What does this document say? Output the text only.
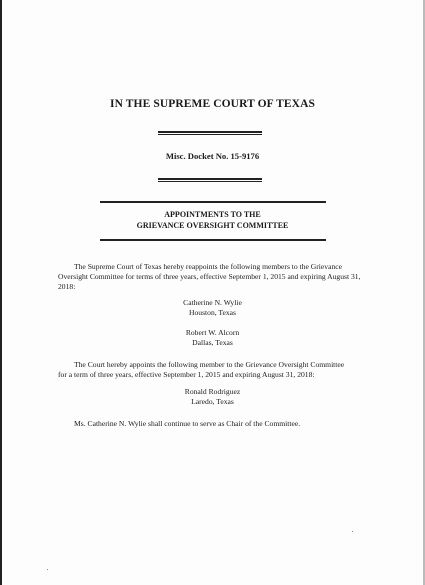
IN THE SUPREME COURT OF TEXAS
Misc. Docket No. 15-9176
APPOINTMENTS TO THE
GRIEVANCE OVERSIGHT COMMITTEE
The Supreme Court of Texas hereby reappoints the following members to the Grievance
Oversight Committee for terms of three years, effective September 1, 2015 and expiring August 31,
2018:
Catherine N. Wylie
Houston, Texas
Robert W. Alcorn
Dallas, Texas
The Court hereby appoints the following member to the Grievance Oversight Committee
for a term of three years, effective September 1, 2015 and expiring August 31, 2018:
Ronald Rodriguez
Laredo, Texas
Ms. Catherine N. Wylie shall continue to serve as Chair of the Committee.
